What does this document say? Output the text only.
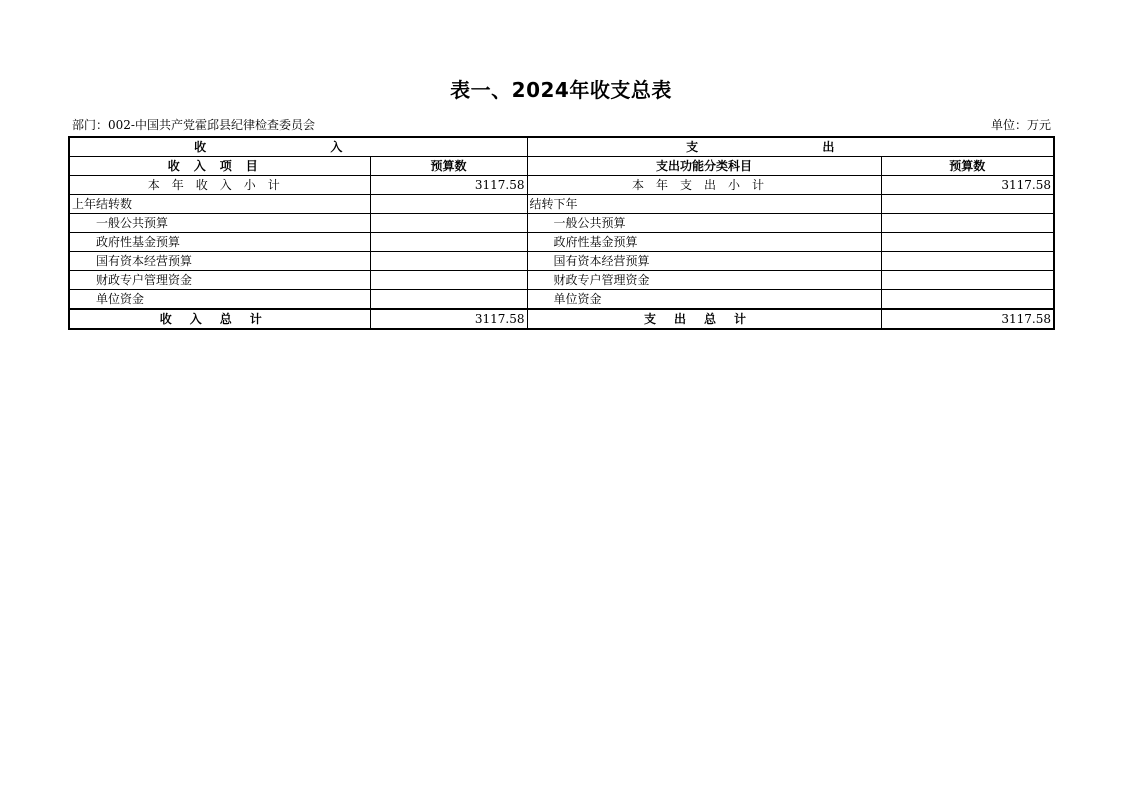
表一、2024年收支总表
部门：002-中国共产党霍邱县纪律检查委员会	单位：万元
收 入		支 出	
收入项目	预算数	支出功能分类科目	预算数
本年收入小计	3117.58	本年支出小计	3117.58
上年结转数		结转下年	
一般公共预算		一般公共预算	
政府性基金预算		政府性基金预算	
国有资本经营预算		国有资本经营预算	
财政专户管理资金		财政专户管理资金	
单位资金		单位资金	
收入总计	3117.58	支出总计	3117.58
